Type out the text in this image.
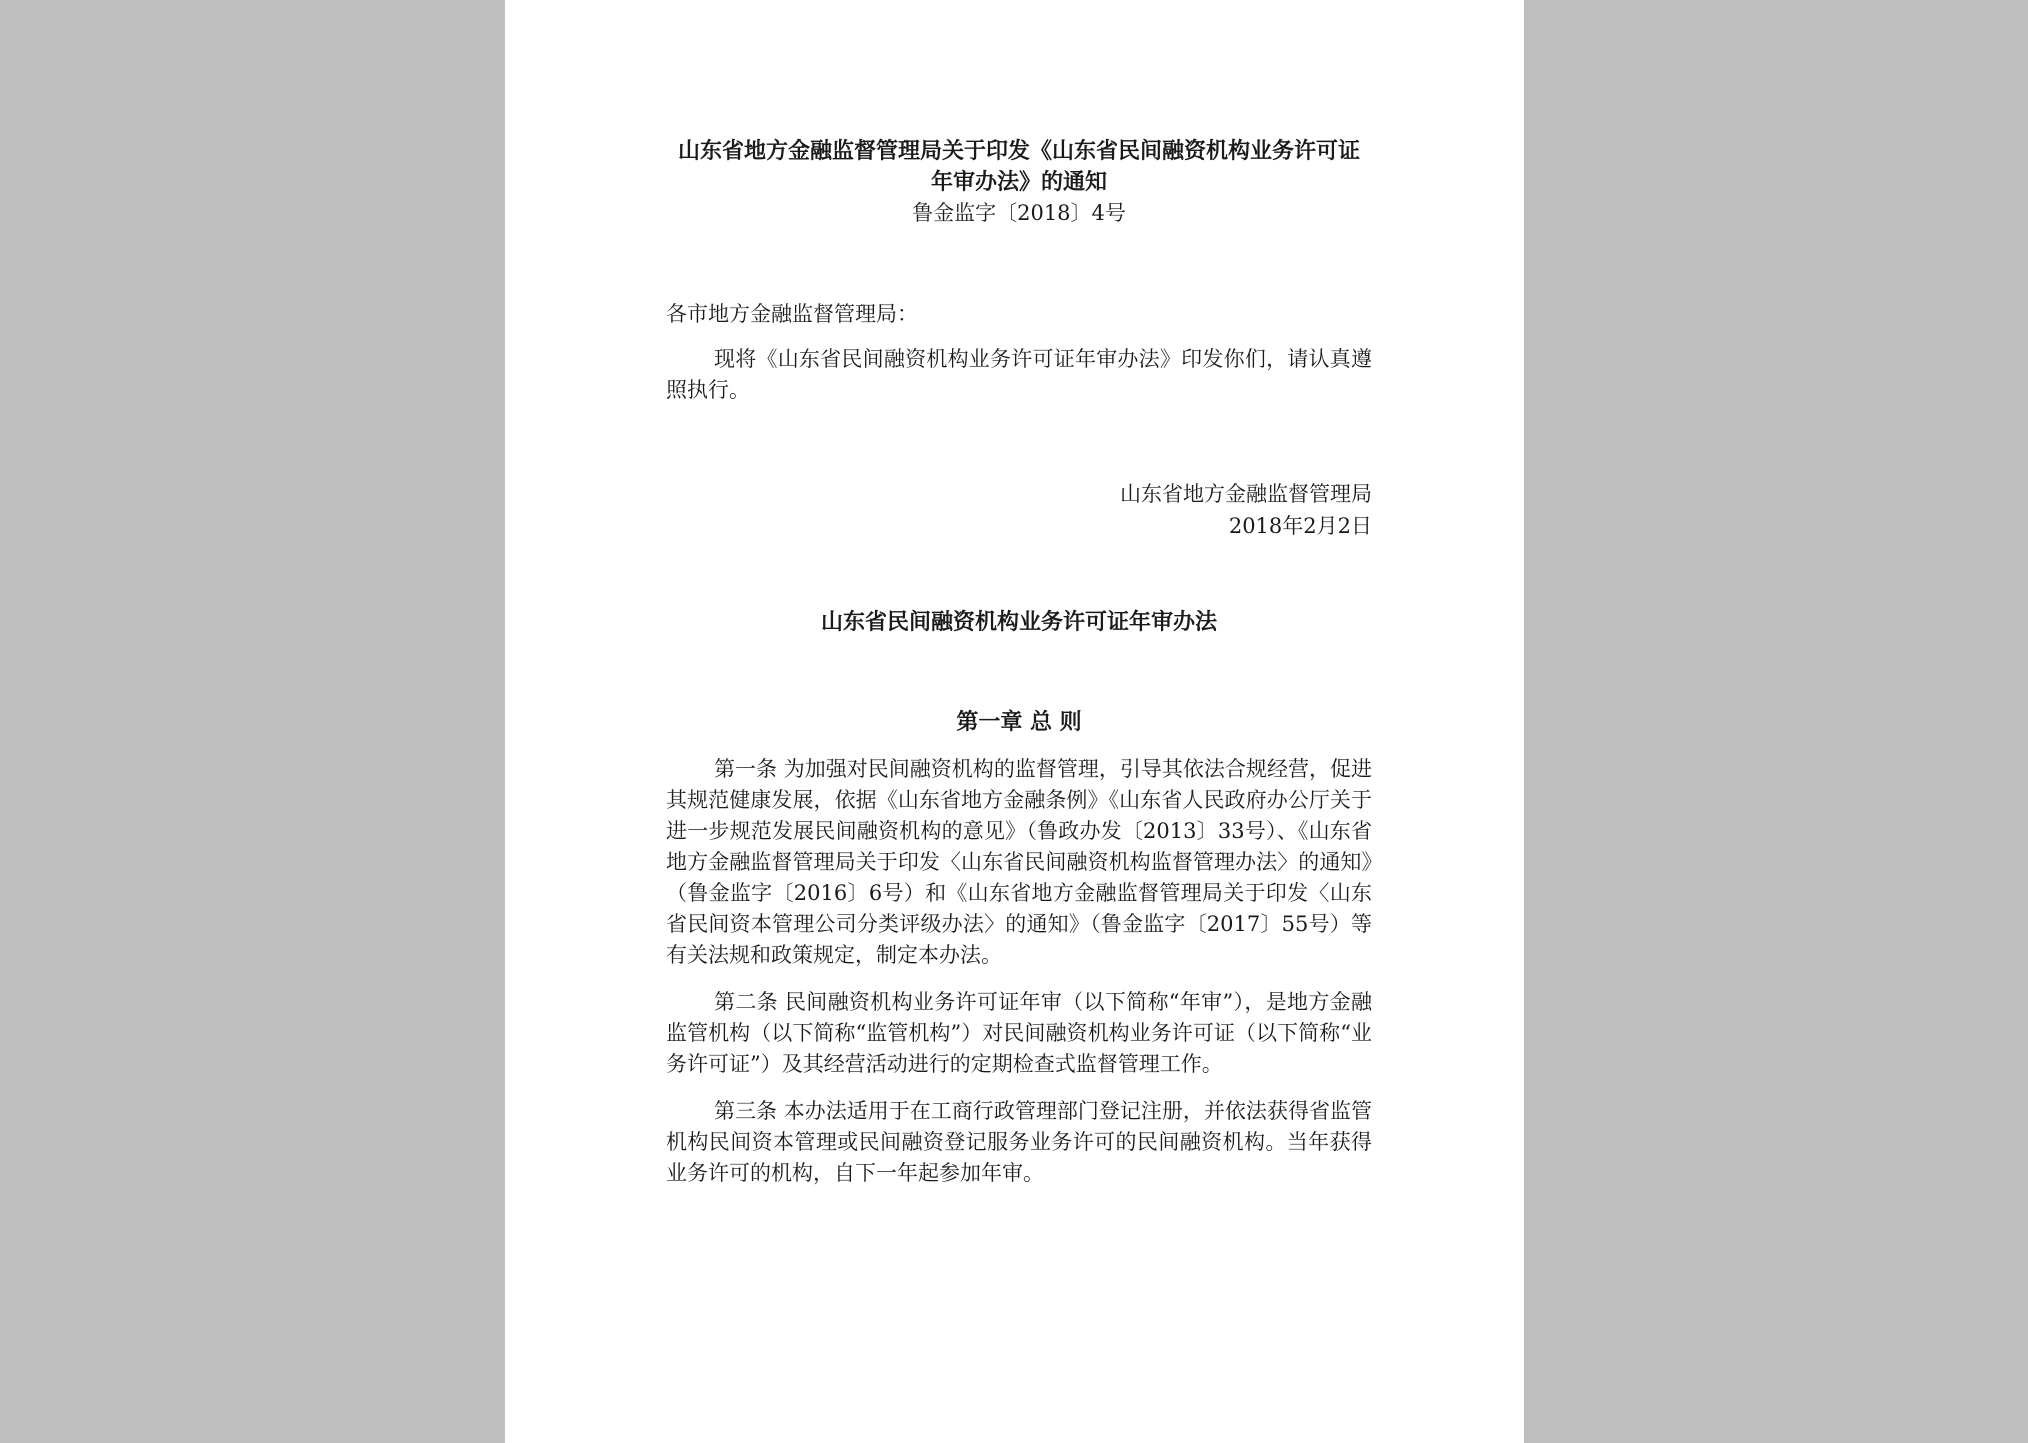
山东省地方金融监督管理局关于印发《山东省民间融资机构业务许可证年审办法》的通知
鲁金监字〔2018〕4号
各市地方金融监督管理局：

现将《山东省民间融资机构业务许可证年审办法》印发你们，请认真遵照执行。

山东省地方金融监督管理局
2018年2月2日
山东省民间融资机构业务许可证年审办法
第一章 总 则

第一条 为加强对民间融资机构的监督管理，引导其依法合规经营，促进其规范健康发展，依据《山东省地方金融条例》《山东省人民政府办公厅关于进一步规范发展民间融资机构的意见》（鲁政办发〔2013〕33号）、《山东省地方金融监督管理局关于印发〈山东省民间融资机构监督管理办法〉的通知》（鲁金监字〔2016〕6号）和《山东省地方金融监督管理局关于印发〈山东省民间资本管理公司分类评级办法〉的通知》（鲁金监字〔2017〕55号）等有关法规和政策规定，制定本办法。

第二条 民间融资机构业务许可证年审（以下简称“年审”），是地方金融监管机构（以下简称“监管机构”）对民间融资机构业务许可证（以下简称“业务许可证”）及其经营活动进行的定期检查式监督管理工作。

第三条 本办法适用于在工商行政管理部门登记注册，并依法获得省监管机构民间资本管理或民间融资登记服务业务许可的民间融资机构。当年获得业务许可的机构，自下一年起参加年审。
